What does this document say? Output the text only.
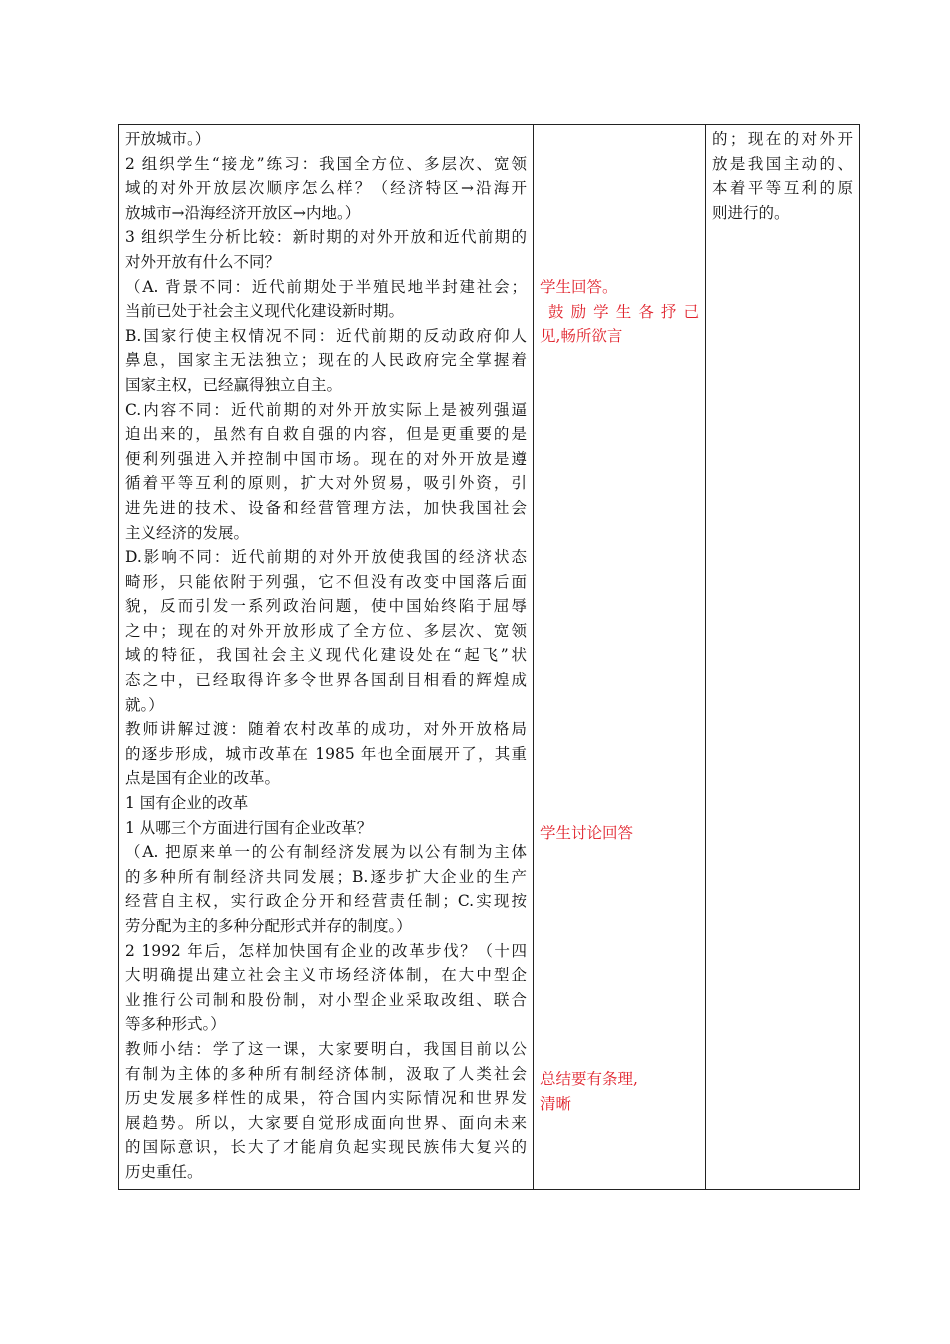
开放城市。）
2 组织学生“接龙”练习：我国全方位、多层次、宽领
域的对外开放层次顺序怎么样？（经济特区→沿海开
放城市→沿海经济开放区→内地。）
3 组织学生分析比较：新时期的对外开放和近代前期的
对外开放有什么不同？
（A. 背景不同：近代前期处于半殖民地半封建社会；
当前已处于社会主义现代化建设新时期。
B.国家行使主权情况不同：近代前期的反动政府仰人
鼻息，国家主无法独立；现在的人民政府完全掌握着
国家主权，已经赢得独立自主。
C.内容不同：近代前期的对外开放实际上是被列强逼
迫出来的，虽然有自救自强的内容，但是更重要的是
便利列强进入并控制中国市场。现在的对外开放是遵
循着平等互利的原则，扩大对外贸易，吸引外资，引
进先进的技术、设备和经营管理方法，加快我国社会
主义经济的发展。
D.影响不同：近代前期的对外开放使我国的经济状态
畸形，只能依附于列强，它不但没有改变中国落后面
貌，反而引发一系列政治问题，使中国始终陷于屈辱
之中；现在的对外开放形成了全方位、多层次、宽领
域的特征，我国社会主义现代化建设处在“起飞”状
态之中，已经取得许多令世界各国刮目相看的辉煌成
就。）
教师讲解过渡：随着农村改革的成功，对外开放格局
的逐步形成，城市改革在 1985 年也全面展开了，其重
点是国有企业的改革。
1 国有企业的改革
1 从哪三个方面进行国有企业改革？
（A. 把原来单一的公有制经济发展为以公有制为主体
的多种所有制经济共同发展；B.逐步扩大企业的生产
经营自主权，实行政企分开和经营责任制；C.实现按
劳分配为主的多种分配形式并存的制度。）
2 1992 年后，怎样加快国有企业的改革步伐？（十四
大明确提出建立社会主义市场经济体制，在大中型企
业推行公司制和股份制，对小型企业采取改组、联合
等多种形式。）
教师小结：学了这一课，大家要明白，我国目前以公
有制为主体的多种所有制经济体制，汲取了人类社会
历史发展多样性的成果，符合国内实际情况和世界发
展趋势。所以，大家要自觉形成面向世界、面向未来
的国际意识，长大了才能肩负起实现民族伟大复兴的
历史重任。

学生回答。
鼓励学生各抒己
见,畅所欲言
学生讨论回答
总结要有条理,
清晰

的；现在的对外开
放是我国主动的、
本着平等互利的原
则进行的。
